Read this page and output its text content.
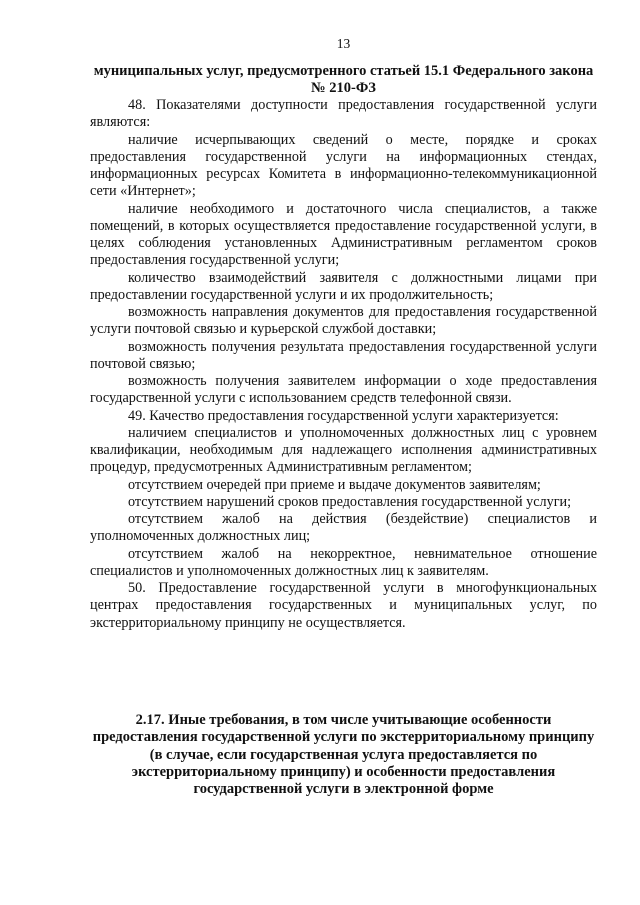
13
муниципальных услуг, предусмотренного статьей 15.1 Федерального закона № 210-ФЗ

48. Показателями доступности предоставления государственной услуги являются:

наличие исчерпывающих сведений о месте, порядке и сроках предоставления государственной услуги на информационных стендах, информационных ресурсах Комитета в информационно-телекоммуникационной сети «Интернет»;

наличие необходимого и достаточного числа специалистов, а также помещений, в которых осуществляется предоставление государственной услуги, в целях соблюдения установленных Административным регламентом сроков предоставления государственной услуги;

количество взаимодействий заявителя с должностными лицами при предоставлении государственной услуги и их продолжительность;

возможность направления документов для предоставления государственной услуги почтовой связью и курьерской службой доставки;

возможность получения результата предоставления государственной услуги почтовой связью;

возможность получения заявителем информации о ходе предоставления государственной услуги с использованием средств телефонной связи.

49. Качество предоставления государственной услуги характеризуется:

наличием специалистов и уполномоченных должностных лиц с уровнем квалификации, необходимым для надлежащего исполнения административных процедур, предусмотренных Административным регламентом;

отсутствием очередей при приеме и выдаче документов заявителям;

отсутствием нарушений сроков предоставления государственной услуги;

отсутствием жалоб на действия (бездействие) специалистов и уполномоченных должностных лиц;

отсутствием жалоб на некорректное, невнимательное отношение специалистов и уполномоченных должностных лиц к заявителям.

50. Предоставление государственной услуги в многофункциональных центрах предоставления государственных и муниципальных услуг, по экстерриториальному принципу не осуществляется.

2.17. Иные требования, в том числе учитывающие особенности предоставления государственной услуги по экстерриториальному принципу (в случае, если государственная услуга предоставляется по экстерриториальному принципу) и особенности предоставления государственной услуги в электронной форме
